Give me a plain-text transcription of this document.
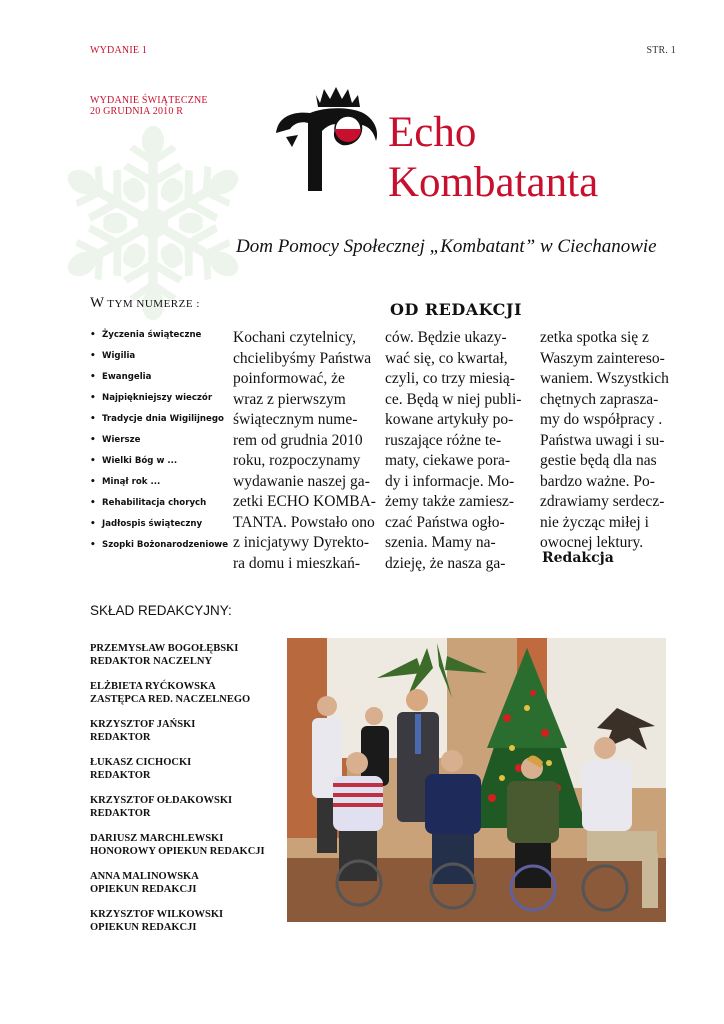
WYDANIE 1	STR. 1
WYDANIE ŚWIĄTECZNE
20 GRUDNIA 2010 R	Echo
Kombatanta
Dom Pomocy Społecznej „Kombatant” w Ciechanowie
W TYM NUMERZE :
• Życzenia świąteczne
• Wigilia
• Ewangelia
• Najpiękniejszy wieczór
• Tradycje dnia Wigilijnego
• Wiersze
• Wielki Bóg w ...
• Minął rok ...
• Rehabilitacja chorych
• Jadłospis świąteczny
• Szopki Bożonarodzeniowe
OD REDAKCJI
Kochani czytelnicy,
chcielibyśmy Państwa
poinformować, że
wraz z pierwszym
świątecznym nume-
rem od grudnia 2010
roku, rozpoczynamy
wydawanie naszej ga-
zetki ECHO KOMBA-
TANTA. Powstało ono
z inicjatywy Dyrekto-
ra domu i mieszkań-
ców. Będzie ukazy-
wać się, co kwartał,
czyli, co trzy miesią-
ce. Będą w niej publi-
kowane artykuły po-
ruszające różne te-
maty, ciekawe pora-
dy i informacje. Mo-
żemy także zamiesz-
czać Państwa ogło-
szenia. Mamy na-
dzieję, że nasza ga-
zetka spotka się z
Waszym zaintereso-
waniem. Wszystkich
chętnych zaprasza-
my do współpracy .
Państwa uwagi i su-
gestie będą dla nas
bardzo ważne. Po-
zdrawiamy serdecz-
nie życząc miłej i
owocnej lektury.
Redakcja
SKŁAD REDAKCYJNY:
PRZEMYSŁAW BOGOŁĘBSKI
REDAKTOR NACZELNY
ELŻBIETA RYĆKOWSKA
ZASTĘPCA RED. NACZELNEGO
KRZYSZTOF JAŃSKI
REDAKTOR
ŁUKASZ CICHOCKI
REDAKTOR
KRZYSZTOF OŁDAKOWSKI
REDAKTOR
DARIUSZ MARCHLEWSKI
HONOROWY OPIEKUN REDAKCJI
ANNA MALINOWSKA
OPIEKUN REDAKCJI
KRZYSZTOF WILKOWSKI
OPIEKUN REDAKCJI
